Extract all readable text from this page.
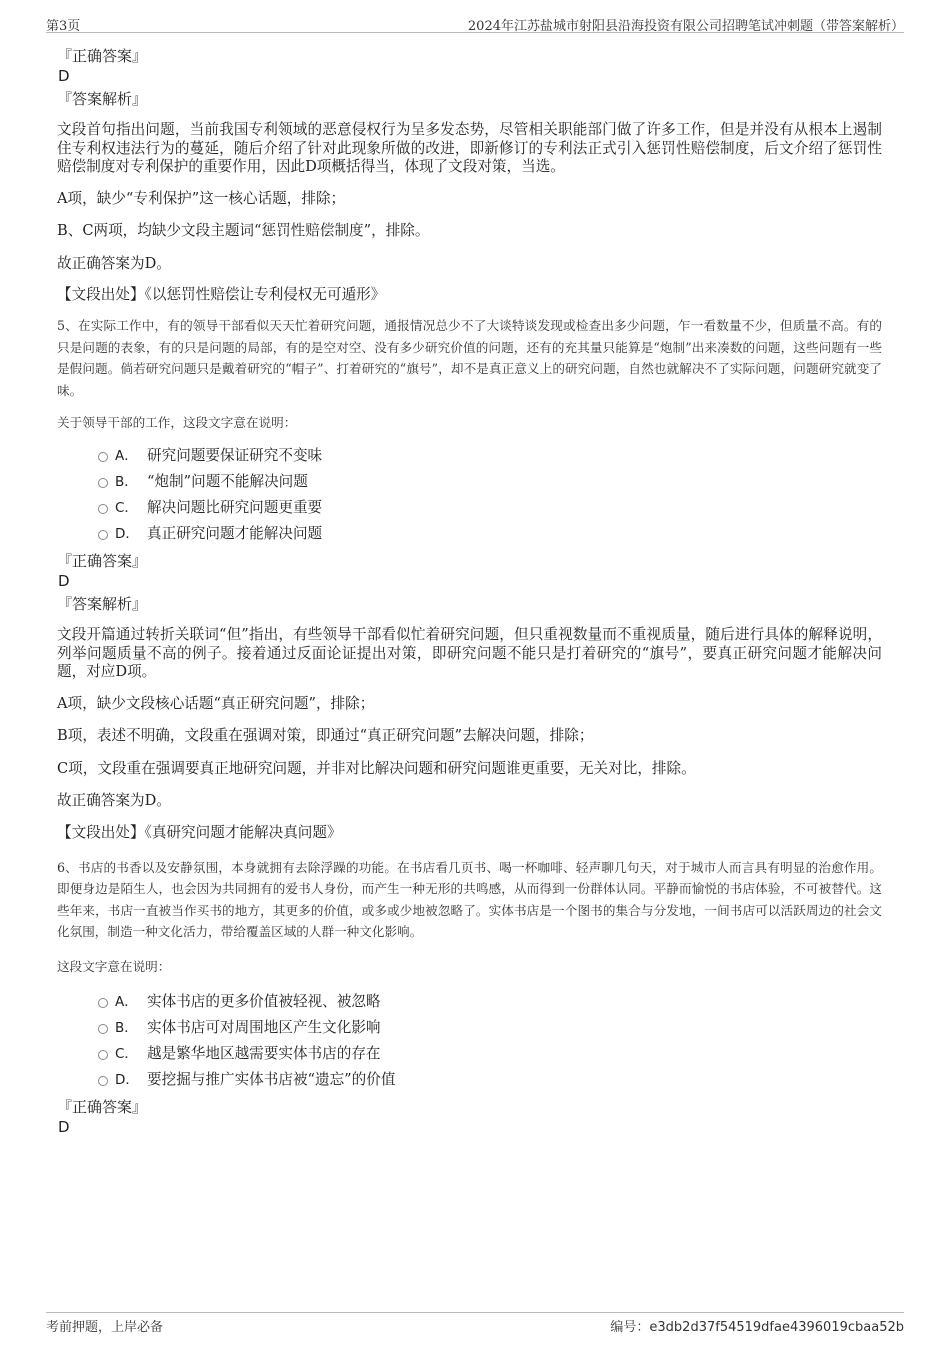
第3页	2024年江苏盐城市射阳县沿海投资有限公司招聘笔试冲刺题（带答案解析）
『正确答案』
D
『答案解析』
文段首句指出问题，当前我国专利领域的恶意侵权行为呈多发态势，尽管相关职能部门做了许多工作，但是并没有从根本上遏制住专利权违法行为的蔓延，随后介绍了针对此现象所做的改进，即新修订的专利法正式引入惩罚性赔偿制度，后文介绍了惩罚性赔偿制度对专利保护的重要作用，因此D项概括得当，体现了文段对策，当选。
A项，缺少“专利保护”这一核心话题，排除；
B、C两项，均缺少文段主题词“惩罚性赔偿制度”，排除。
故正确答案为D。
【文段出处】《以惩罚性赔偿让专利侵权无可遁形》
5、在实际工作中，有的领导干部看似天天忙着研究问题，通报情况总少不了大谈特谈发现或检查出多少问题，乍一看数量不少，但质量不高。有的只是问题的表象，有的只是问题的局部，有的是空对空、没有多少研究价值的问题，还有的充其量只能算是“炮制”出来凑数的问题，这些问题有一些是假问题。倘若研究问题只是戴着研究的“帽子”、打着研究的“旗号”，却不是真正意义上的研究问题，自然也就解决不了实际问题，问题研究就变了味。
关于领导干部的工作，这段文字意在说明：
A． 研究问题要保证研究不变味
B． “炮制”问题不能解决问题
C． 解决问题比研究问题更重要
D． 真正研究问题才能解决问题
『正确答案』
D
『答案解析』
文段开篇通过转折关联词“但”指出，有些领导干部看似忙着研究问题，但只重视数量而不重视质量，随后进行具体的解释说明，列举问题质量不高的例子。接着通过反面论证提出对策，即研究问题不能只是打着研究的“旗号”，要真正研究问题才能解决问题，对应D项。
A项，缺少文段核心话题“真正研究问题”，排除；
B项，表述不明确，文段重在强调对策，即通过“真正研究问题”去解决问题，排除；
C项，文段重在强调要真正地研究问题，并非对比解决问题和研究问题谁更重要，无关对比，排除。
故正确答案为D。
【文段出处】《真研究问题才能解决真问题》
6、书店的书香以及安静氛围，本身就拥有去除浮躁的功能。在书店看几页书、喝一杯咖啡、轻声聊几句天，对于城市人而言具有明显的治愈作用。即便身边是陌生人，也会因为共同拥有的爱书人身份，而产生一种无形的共鸣感，从而得到一份群体认同。平静而愉悦的书店体验，不可被替代。这些年来，书店一直被当作买书的地方，其更多的价值，或多或少地被忽略了。实体书店是一个图书的集合与分发地，一间书店可以活跃周边的社会文化氛围，制造一种文化活力，带给覆盖区域的人群一种文化影响。
这段文字意在说明：
A． 实体书店的更多价值被轻视、被忽略
B． 实体书店可对周围地区产生文化影响
C． 越是繁华地区越需要实体书店的存在
D． 要挖掘与推广实体书店被“遗忘”的价值
『正确答案』
D
考前押题，上岸必备	编号：e3db2d37f54519dfae4396019cbaa52b
